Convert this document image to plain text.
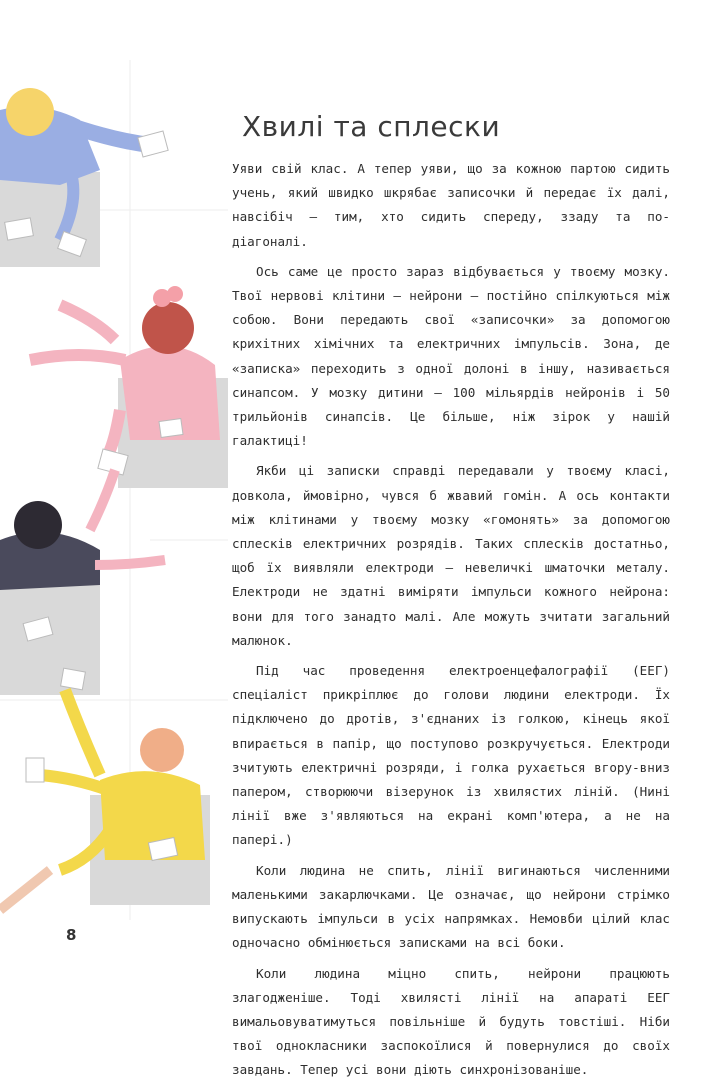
Хвилі та сплески

Уяви свій клас. А тепер уяви, що за кожною партою сидить учень, який швидко шкрябає записочки й передає їх далі, навсібіч — тим, хто сидить спереду, ззаду та по-діагоналі.

Ось саме це просто зараз відбувається у твоєму мозку. Твої нервові клітини — нейрони — постійно спілкуються між собою. Вони передають свої «записочки» за допомогою крихітних хімічних та електричних імпульсів. Зона, де «записка» переходить з одної долоні в іншу, називається синапсом. У мозку дитини — 100 мільярдів нейронів і 50 трильйонів синапсів. Це більше, ніж зірок у нашій галактиці!

Якби ці записки справді передавали у твоєму класі, довкола, ймовірно, чувся б жвавий гомін. А ось контакти між клітинами у твоєму мозку «гомонять» за допомогою сплесків електричних розрядів. Таких сплесків достатньо, щоб їх виявляли електроди — невеличкі шматочки металу. Електроди не здатні виміряти імпульси кожного нейрона: вони для того занадто малі. Але можуть зчитати загальний малюнок.

Під час проведення електроенцефалографії (ЕЕГ) спеціаліст прикріплює до голови людини електроди. Їх підключено до дротів, з'єднаних із голкою, кінець якої впирається в папір, що поступово розкручується. Електроди зчитують електричні розряди, і голка рухається вгору-вниз папером, створюючи візерунок із хвилястих ліній. (Нині лінії вже з'являються на екрані комп'ютера, а не на папері.)

Коли людина не спить, лінії вигинаються численними маленькими закарлючками. Це означає, що нейрони стрімко випускають імпульси в усіх напрямках. Немовби цілий клас одночасно обмінюється записками на всі боки.

Коли людина міцно спить, нейрони працюють злагодженіше. Тоді хвилясті лінії на апараті ЕЕГ вимальовуватимуться повільніше й будуть товстіші. Ніби твої однокласники заспокоїлися й повернулися до своїх завдань. Тепер усі вони діють синхронізованіше.

8
